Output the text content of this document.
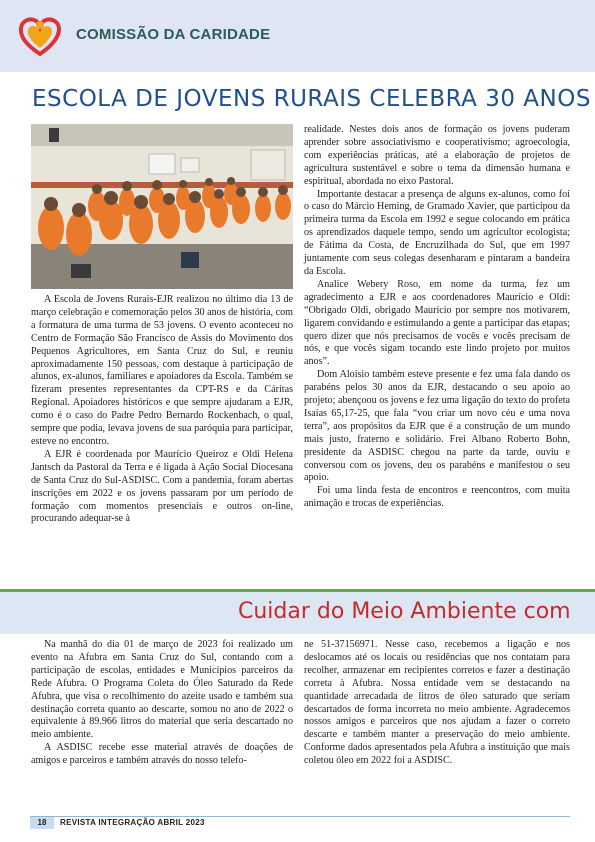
COMISSÃO DA CARIDADE
ESCOLA DE JOVENS RURAIS CELEBRA 30 ANOS

A Escola de Jovens Rurais-EJR realizou no último dia 13 de março celebração e comemoração pelos 30 anos de história, com a formatura de uma turma de 53 jovens. O evento aconteceu no Centro de Formação São Francisco de Assis do Movimento dos Pequenos Agricultores, em Santa Cruz do Sul, e reuniu aproximadamente 150 pessoas, com destaque à participação de alunos, ex-alunos, familiares e apoiadores da Escola. Também se fizeram presentes representantes da CPT-RS e da Cáritas Regional. Apoiadores históricos e que sempre ajudaram a EJR, como é o caso do Padre Pedro Bernardo Rockenbach, o qual, sempre que podia, levava jovens de sua paróquia para participar, esteve no encontro.

A EJR é coordenada por Maurício Queiroz e Oldi Helena Jantsch da Pastoral da Terra e é ligada à Ação Social Diocesana de Santa Cruz do Sul-ASDISC. Com a pandemia, foram abertas inscrições em 2022 e os jovens passaram por um período de formação com momentos presenciais e outros on-line, procurando adequar-se à

realidade. Nestes dois anos de formação os jovens puderam aprender sobre associativismo e cooperativismo; agroecologia, com experiências práticas, até a elaboração de projetos de agricultura sustentável e sobre o tema da dimensão humana e espiritual, abordada no eixo Pastoral.

Importante destacar a presença de alguns ex-alunos, como foi o caso do Márcio Heming, de Gramado Xavier, que participou da primeira turma da Escola em 1992 e segue colocando em prática os aprendizados daquele tempo, sendo um agricultor ecologista; de Fátima da Costa, de Encruzilhada do Sul, que em 1997 juntamente com seus colegas desenharam e pintaram a bandeira da Escola.

Analice Webery Roso, em nome da turma, fez um agradecimento a EJR e aos coordenadores Maurício e Oldi: “Obrigado Oldi, obrigado Maurício por sempre nos motivarem, ligarem convidando e estimulando a gente a participar das etapas; quero dizer que nós precisamos de vocês e vocês precisam de nós, e que vocês sigam tocando este lindo projeto por muitos anos”.

Dom Aloísio também esteve presente e fez uma fala dando os parabéns pelos 30 anos da EJR, destacando o seu apoio ao projeto; abençoou os jovens e fez uma ligação do texto do profeta Isaías 65,17-25, que fala “vou criar um novo céu e uma nova terra”, aos propósitos da EJR que é a construção de um mundo mais justo, fraterno e solidário. Frei Albano Roberto Bohn, presidente da ASDISC chegou na parte da tarde, ouviu e conversou com os jovens, deu os parabéns e manifestou o seu apoio.

Foi uma linda festa de encontros e reencontros, com muita animação e trocas de experiências.

Cuidar do Meio Ambiente com

Na manhã do dia 01 de março de 2023 foi realizado um evento na Afubra em Santa Cruz do Sul, contando com a participação de escolas, entidades e Municípios parceiros da Rede Afubra. O Programa Coleta do Óleo Saturado da Rede Afubra, que visa o recolhimento do azeite usado e também sua destinação correta quanto ao descarte, somou no ano de 2022 o equivalente à 89.966 litros do material que seria descartado no meio ambiente.

A ASDISC recebe esse material através de doações de amigos e parceiros e também através do nosso telefo-

ne 51-37156971. Nesse caso, recebemos a ligação e nos deslocamos até os locais ou residências que nos contatam para recolher, armazenar em recipientes corretos e fazer a destinação correta à Afubra. Nossa entidade vem se destacando na quantidade arrecadada de litros de óleo saturado que seriam descartados de forma incorreta no meio ambiente. Agradecemos nossos amigos e parceiros que nos ajudam a fazer o correto descarte e também manter a preservação do meio ambiente. Conforme dados apresentados pela Afubra a instituição que mais coletou óleo em 2022 foi a ASDISC.

18	REVISTA INTEGRAÇÃO ABRIL 2023
